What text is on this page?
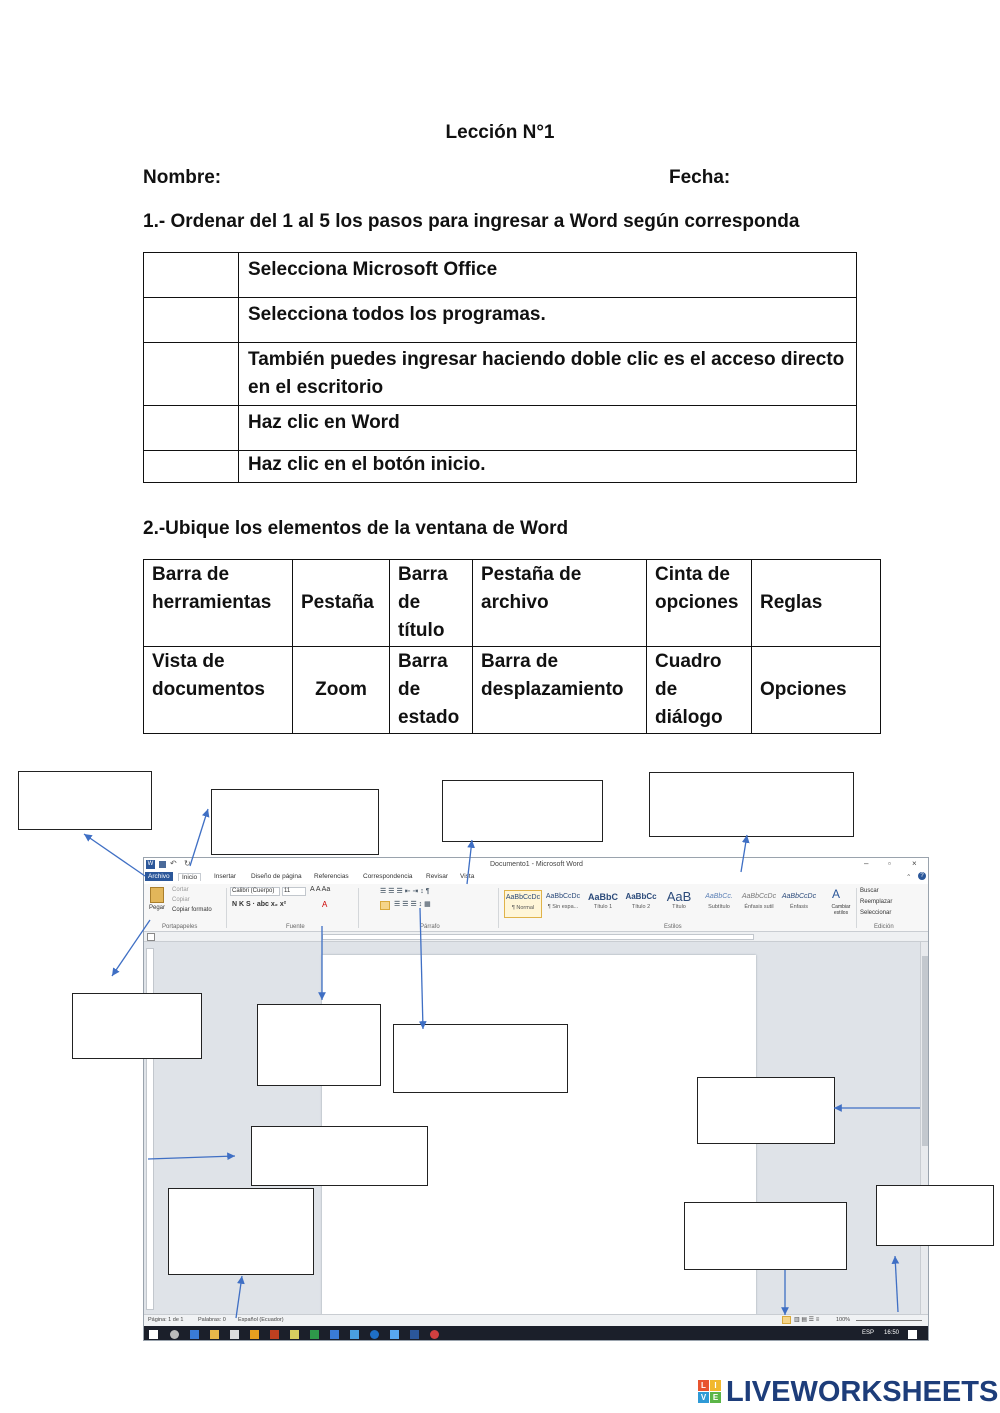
Lección N°1
Nombre:	Fecha:
1.- Ordenar del 1 al 5 los pasos para ingresar a Word según corresponda
	Selecciona Microsoft Office
	Selecciona todos los programas.
	También puedes ingresar haciendo doble clic es el acceso directo en el escritorio
	Haz clic en Word
	Haz clic en el botón inicio.
2.-Ubique los elementos de la ventana de Word
Barra de herramientas	Pestaña	Barra de título	Pestaña de archivo	Cinta de opciones	Reglas
Vista de documentos	Zoom	Barra de estado	Barra de desplazamiento	Cuadro de diálogo	Opciones
W ↶ ↻	Documento1 - Microsoft Word	– ▫	×
Archivo	Inicio	Insertar Diseño de página Referencias Correspondencia Revisar Vista	⌃	?
Pegar
Cortar
Copiar
Copiar formato
Portapapeles
Calibri (Cuerpo)	11	A A Aa
N K S · abc x₂ x²	A
Fuente
☰ ☰ ☰ ⇤ ⇥ ↕ ¶
☰ ☰ ☰ ↕ ▦
Párrafo
AaBbCcDc
¶ Normal
AaBbCcDc
¶ Sin espa...
AaBbC
Título 1
AaBbCc
Título 2
AaB
Título
AaBbCc.
Subtítulo
AaBbCcDc
Énfasis sutil
AaBbCcDc
Énfasis
Estilos
A
Cambiar estilos
Buscar
Reemplazar
Seleccionar
Edición
Página: 1 de 1	Palabras: 0 Español (Ecuador)	▥ ▤ ☰ ≡	100%
ESP 16:50
L	I
V E LIVEWORKSHEETS
